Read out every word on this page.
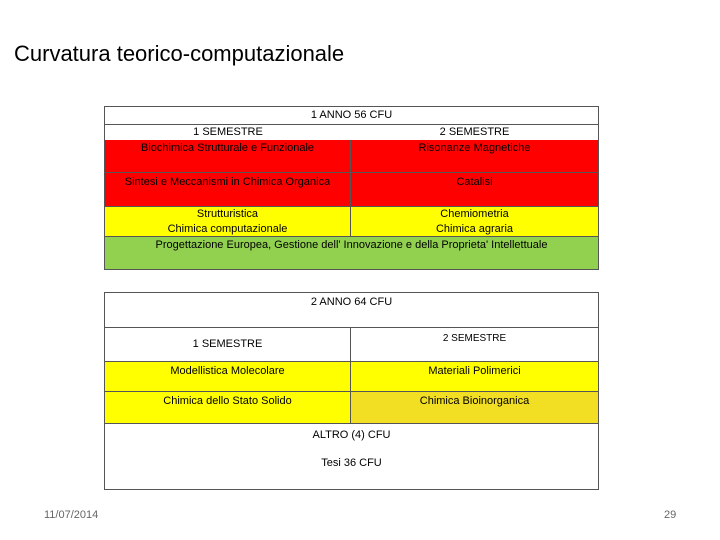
Curvatura teorico-computazionale
1 ANNO 56 CFU
1 SEMESTRE	2 SEMESTRE
Biochimica Strutturale e Funzionale	Risonanze Magnetiche
Sintesi e Meccanismi in Chimica Organica	Catalisi
Strutturistica	Chemiometria
Chimica computazionale	Chimica agraria
Progettazione Europea, Gestione dell' Innovazione e della Proprieta' Intellettuale
2 ANNO 64 CFU
1 SEMESTRE	2 SEMESTRE
Modellistica Molecolare	Materiali Polimerici
Chimica dello Stato Solido	Chimica Bioinorganica
ALTRO (4) CFU
Tesi 36 CFU
11/07/2014	29
